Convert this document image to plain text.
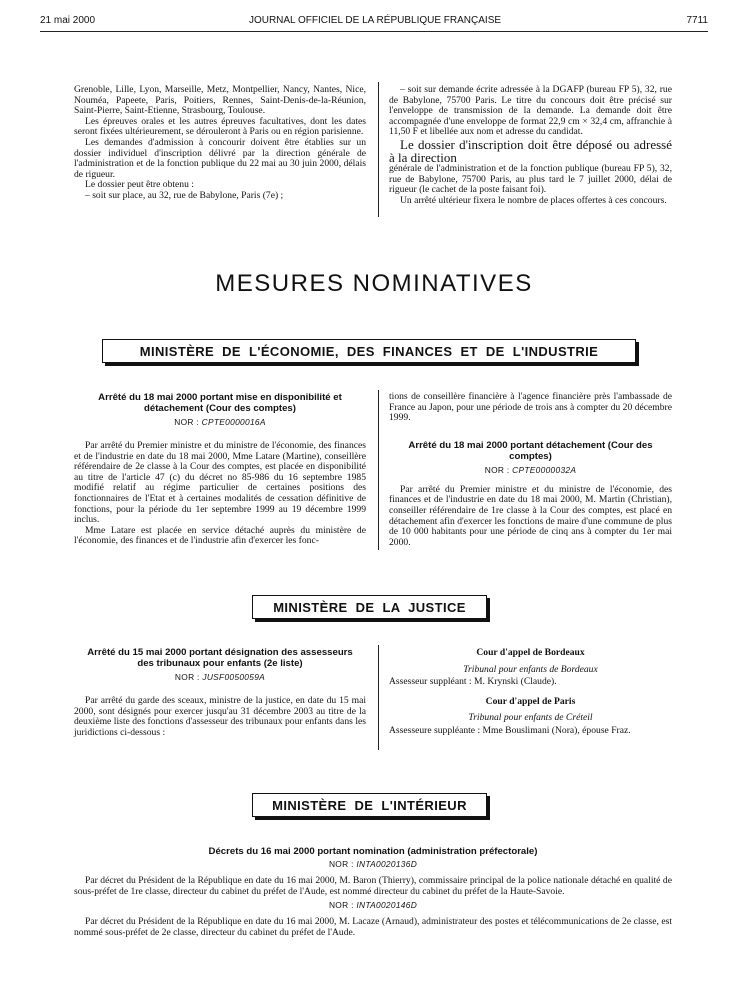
21 mai 2000	JOURNAL OFFICIEL DE LA RÉPUBLIQUE FRANÇAISE	7711

Grenoble, Lille, Lyon, Marseille, Metz, Montpellier, Nancy, Nantes, Nice, Nouméa, Papeete, Paris, Poitiers, Rennes, Saint-Denis-de-la-Réunion, Saint-Pierre, Saint-Etienne, Strasbourg, Toulouse.

Les épreuves orales et les autres épreuves facultatives, dont les dates seront fixées ultérieurement, se dérouleront à Paris ou en région parisienne.

Les demandes d'admission à concourir doivent être établies sur un dossier individuel d'inscription délivré par la direction générale de l'administration et de la fonction publique du 22 mai au 30 juin 2000, délais de rigueur.

Le dossier peut être obtenu :

– soit sur place, au 32, rue de Babylone, Paris (7e) ;

– soit sur demande écrite adressée à la DGAFP (bureau FP 5), 32, rue de Babylone, 75700 Paris. Le titre du concours doit être précisé sur l'enveloppe de transmission de la demande. La demande doit être accompagnée d'une enveloppe de format 22,9 cm × 32,4 cm, affranchie à 11,50 F et libellée aux nom et adresse du candidat.

Le dossier d'inscription doit être déposé ou adressé à la direction

générale de l'administration et de la fonction publique (bureau FP 5), 32, rue de Babylone, 75700 Paris, au plus tard le 7 juillet 2000, délai de rigueur (le cachet de la poste faisant foi).

Un arrêté ultérieur fixera le nombre de places offertes à ces concours.

MESURES NOMINATIVES
MINISTÈRE DE L'ÉCONOMIE, DES FINANCES ET DE L'INDUSTRIE

Arrêté du 18 mai 2000 portant mise en disponibilité et détachement (Cour des comptes)

NOR : CPTE0000016A

Par arrêté du Premier ministre et du ministre de l'économie, des finances et de l'industrie en date du 18 mai 2000, Mme Latare (Martine), conseillère référendaire de 2e classe à la Cour des comptes, est placée en disponibilité au titre de l'article 47 (c) du décret no 85-986 du 16 septembre 1985 modifié relatif au régime particulier de certaines positions des fonctionnaires de l'Etat et à certaines modalités de cessation définitive de fonctions, pour la période du 1er septembre 1999 au 19 décembre 1999 inclus.

Mme Latare est placée en service détaché auprès du ministère de l'économie, des finances et de l'industrie afin d'exercer les fonc-

tions de conseillère financière à l'agence financière près l'ambassade de France au Japon, pour une période de trois ans à compter du 20 décembre 1999.

Arrêté du 18 mai 2000 portant détachement (Cour des comptes)

NOR : CPTE0000032A

Par arrêté du Premier ministre et du ministre de l'économie, des finances et de l'industrie en date du 18 mai 2000, M. Martin (Christian), conseiller référendaire de 1re classe à la Cour des comptes, est placé en détachement afin d'exercer les fonctions de maire d'une commune de plus de 10 000 habitants pour une période de cinq ans à compter du 1er mai 2000.

MINISTÈRE DE LA JUSTICE

Arrêté du 15 mai 2000 portant désignation des assesseurs des tribunaux pour enfants (2e liste)

NOR : JUSF0050059A

Par arrêté du garde des sceaux, ministre de la justice, en date du 15 mai 2000, sont désignés pour exercer jusqu'au 31 décembre 2003 au titre de la deuxième liste des fonctions d'assesseur des tribunaux pour enfants dans les juridictions ci-dessous :

Cour d'appel de Bordeaux

Tribunal pour enfants de Bordeaux

Assesseur suppléant : M. Krynski (Claude).

Cour d'appel de Paris

Tribunal pour enfants de Créteil

Assesseure suppléante : Mme Bouslimani (Nora), épouse Fraz.

MINISTÈRE DE L'INTÉRIEUR

Décrets du 16 mai 2000 portant nomination (administration préfectorale)

NOR : INTA0020136D

Par décret du Président de la République en date du 16 mai 2000, M. Baron (Thierry), commissaire principal de la police nationale détaché en qualité de sous-préfet de 1re classe, directeur du cabinet du préfet de l'Aude, est nommé directeur du cabinet du préfet de la Haute-Savoie.

NOR : INTA0020146D

Par décret du Président de la République en date du 16 mai 2000, M. Lacaze (Arnaud), administrateur des postes et télécommunications de 2e classe, est nommé sous-préfet de 2e classe, directeur du cabinet du préfet de l'Aude.
